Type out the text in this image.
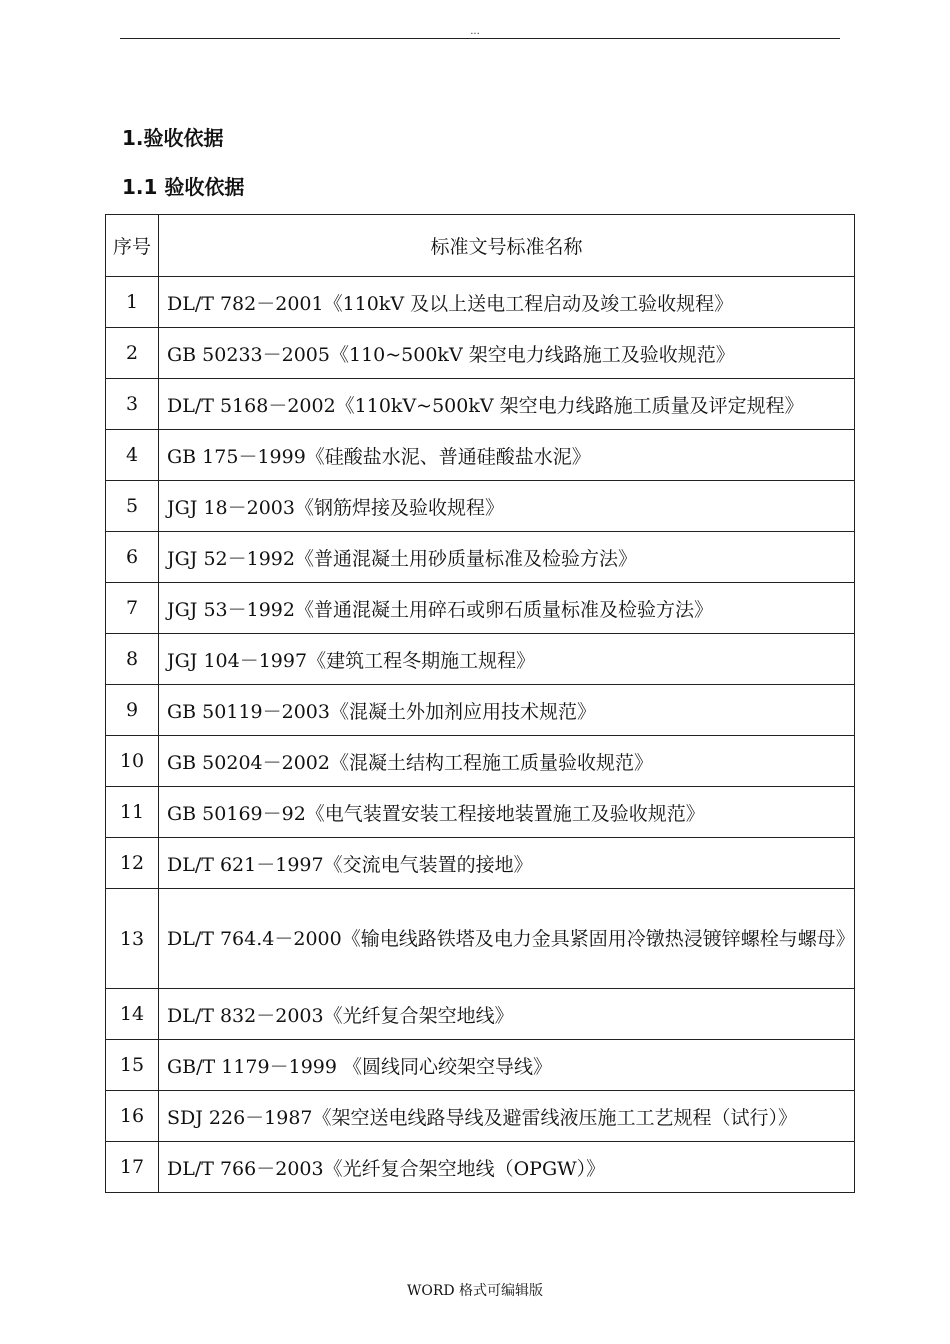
...
1.验收依据
1.1 验收依据
序号	标准文号标准名称
1	DL/T 782－2001《110kV 及以上送电工程启动及竣工验收规程》
2	GB 50233－2005《110~500kV 架空电力线路施工及验收规范》
3	DL/T 5168－2002《110kV~500kV 架空电力线路施工质量及评定规程》
4	GB 175－1999《硅酸盐水泥、普通硅酸盐水泥》
5	JGJ 18－2003《钢筋焊接及验收规程》
6	JGJ 52－1992《普通混凝土用砂质量标准及检验方法》
7	JGJ 53－1992《普通混凝土用碎石或卵石质量标准及检验方法》
8	JGJ 104－1997《建筑工程冬期施工规程》
9	GB 50119－2003《混凝土外加剂应用技术规范》
10	GB 50204－2002《混凝土结构工程施工质量验收规范》
11	GB 50169－92《电气装置安装工程接地装置施工及验收规范》
12	DL/T 621－1997《交流电气装置的接地》
13	DL/T 764.4－2000《输电线路铁塔及电力金具紧固用冷镦热浸镀锌螺栓与螺母》
14	DL/T 832－2003《光纤复合架空地线》
15	GB/T 1179－1999 《圆线同心绞架空导线》
16	SDJ 226－1987《架空送电线路导线及避雷线液压施工工艺规程（试行）》
17	DL/T 766－2003《光纤复合架空地线（OPGW）》
WORD 格式可编辑版
